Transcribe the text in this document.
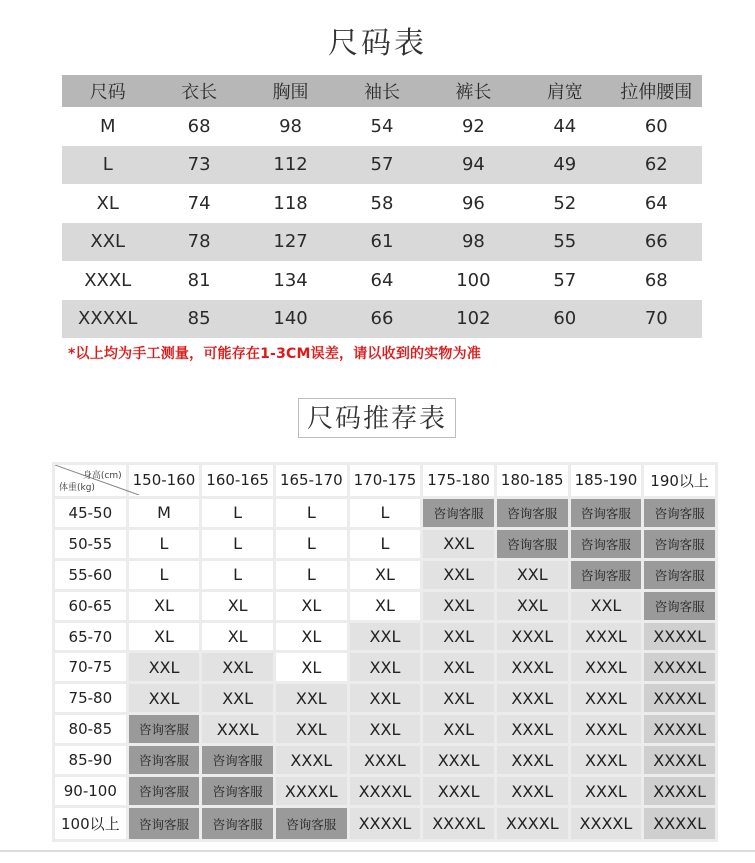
尺码表
尺码	衣长	胸围	袖长	裤长	肩宽	拉伸腰围
M	68	98	54	92	44	60
L	73	112	57	94	49	62
XL	74	118	58	96	52	64
XXL	78	127	61	98	55	66
XXXL	81	134	64	100	57	68
XXXXL	85	140	66	102	60	70
*以上均为手工测量，可能存在1-3CM误差，请以收到的实物为准
尺码推荐表
身高(cm)
体重(kg)	150-160	160-165	165-170	170-175	175-180	180-185	185-190	190以上
45-50	M	L	L	L	咨询客服	咨询客服	咨询客服	咨询客服
50-55	L	L	L	L	XXL	咨询客服	咨询客服	咨询客服
55-60	L	L	L	XL	XXL	XXL	咨询客服	咨询客服
60-65	XL	XL	XL	XL	XXL	XXL	XXL	咨询客服
65-70	XL	XL	XL	XXL	XXL	XXXL	XXXL	XXXXL
70-75	XXL	XXL	XL	XXL	XXL	XXXL	XXXL	XXXXL
75-80	XXL	XXL	XXL	XXL	XXL	XXXL	XXXL	XXXXL
80-85	咨询客服	XXXL	XXL	XXL	XXL	XXXL	XXXL	XXXXL
85-90	咨询客服	咨询客服	XXXL	XXXL	XXXL	XXXL	XXXL	XXXXL
90-100	咨询客服	咨询客服	XXXXL	XXXXL	XXXL	XXXL	XXXL	XXXXL
100以上	咨询客服	咨询客服	咨询客服	XXXXL	XXXXL	XXXXL	XXXXL	XXXXL
